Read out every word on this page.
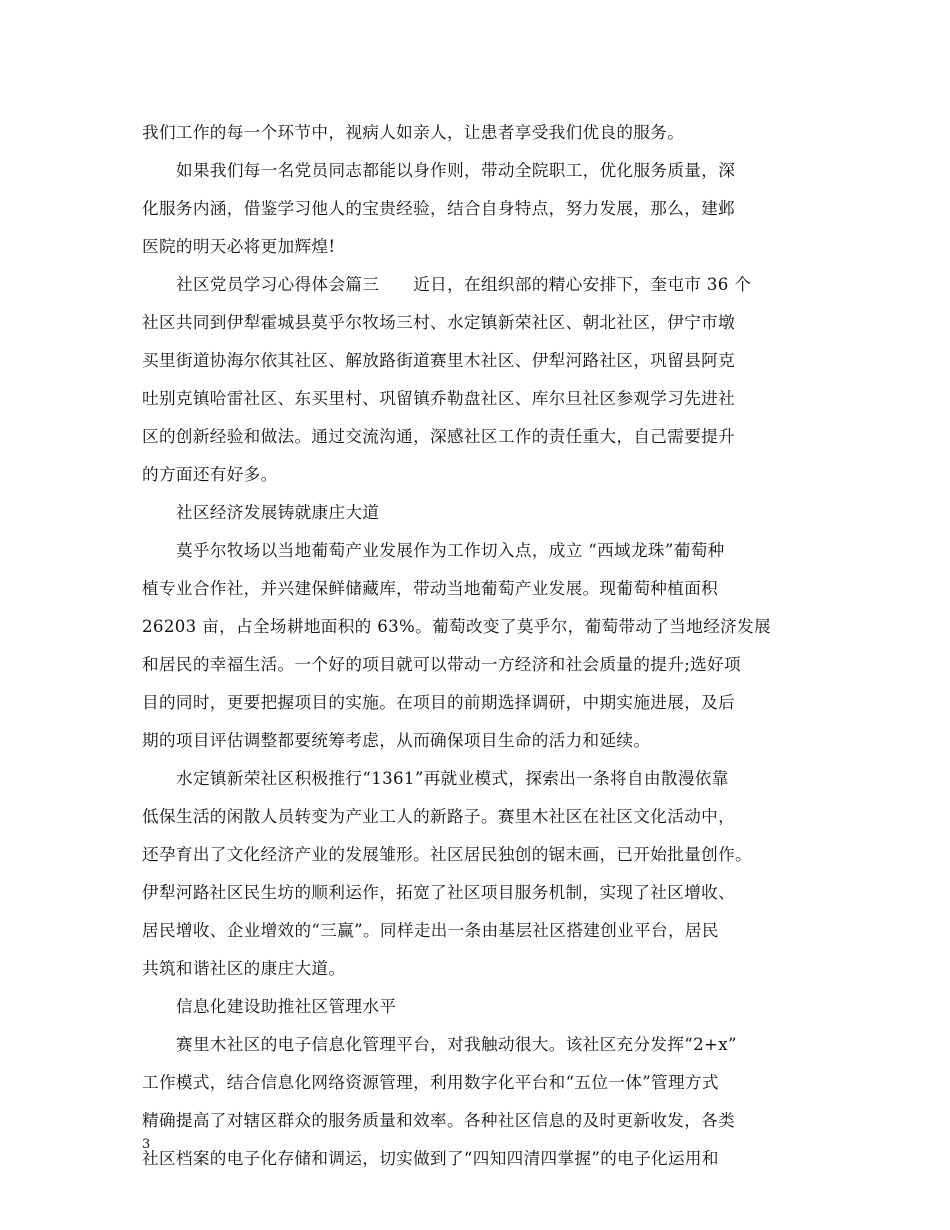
我们工作的每一个环节中，视病人如亲人，让患者享受我们优良的服务。
如果我们每一名党员同志都能以身作则，带动全院职工，优化服务质量，深
化服务内涵，借鉴学习他人的宝贵经验，结合自身特点，努力发展，那么，建邺
医院的明天必将更加辉煌!
社区党员学习心得体会篇三　　近日，在组织部的精心安排下，奎屯市 36 个
社区共同到伊犁霍城县莫乎尔牧场三村、水定镇新荣社区、朝北社区，伊宁市墩
买里街道协海尔依其社区、解放路街道赛里木社区、伊犁河路社区，巩留县阿克
吐别克镇哈雷社区、东买里村、巩留镇乔勒盘社区、库尔旦社区参观学习先进社
区的创新经验和做法。通过交流沟通，深感社区工作的责任重大，自己需要提升
的方面还有好多。
社区经济发展铸就康庄大道
莫乎尔牧场以当地葡萄产业发展作为工作切入点，成立 “西域龙珠”葡萄种
植专业合作社，并兴建保鲜储藏库，带动当地葡萄产业发展。现葡萄种植面积
26203 亩，占全场耕地面积的 63%。葡萄改变了莫乎尔，葡萄带动了当地经济发展
和居民的幸福生活。一个好的项目就可以带动一方经济和社会质量的提升;选好项
目的同时，更要把握项目的实施。在项目的前期选择调研，中期实施进展，及后
期的项目评估调整都要统筹考虑，从而确保项目生命的活力和延续。
水定镇新荣社区积极推行“1361”再就业模式，探索出一条将自由散漫依靠
低保生活的闲散人员转变为产业工人的新路子。赛里木社区在社区文化活动中，
还孕育出了文化经济产业的发展雏形。社区居民独创的锯末画，已开始批量创作。
伊犁河路社区民生坊的顺利运作，拓宽了社区项目服务机制，实现了社区增收、
居民增收、企业增效的“三赢”。同样走出一条由基层社区搭建创业平台，居民
共筑和谐社区的康庄大道。
信息化建设助推社区管理水平
赛里木社区的电子信息化管理平台，对我触动很大。该社区充分发挥“2+x”
工作模式，结合信息化网络资源管理，利用数字化平台和“五位一体”管理方式
精确提高了对辖区群众的服务质量和效率。各种社区信息的及时更新收发，各类
社区档案的电子化存储和调运，切实做到了“四知四清四掌握”的电子化运用和
3
